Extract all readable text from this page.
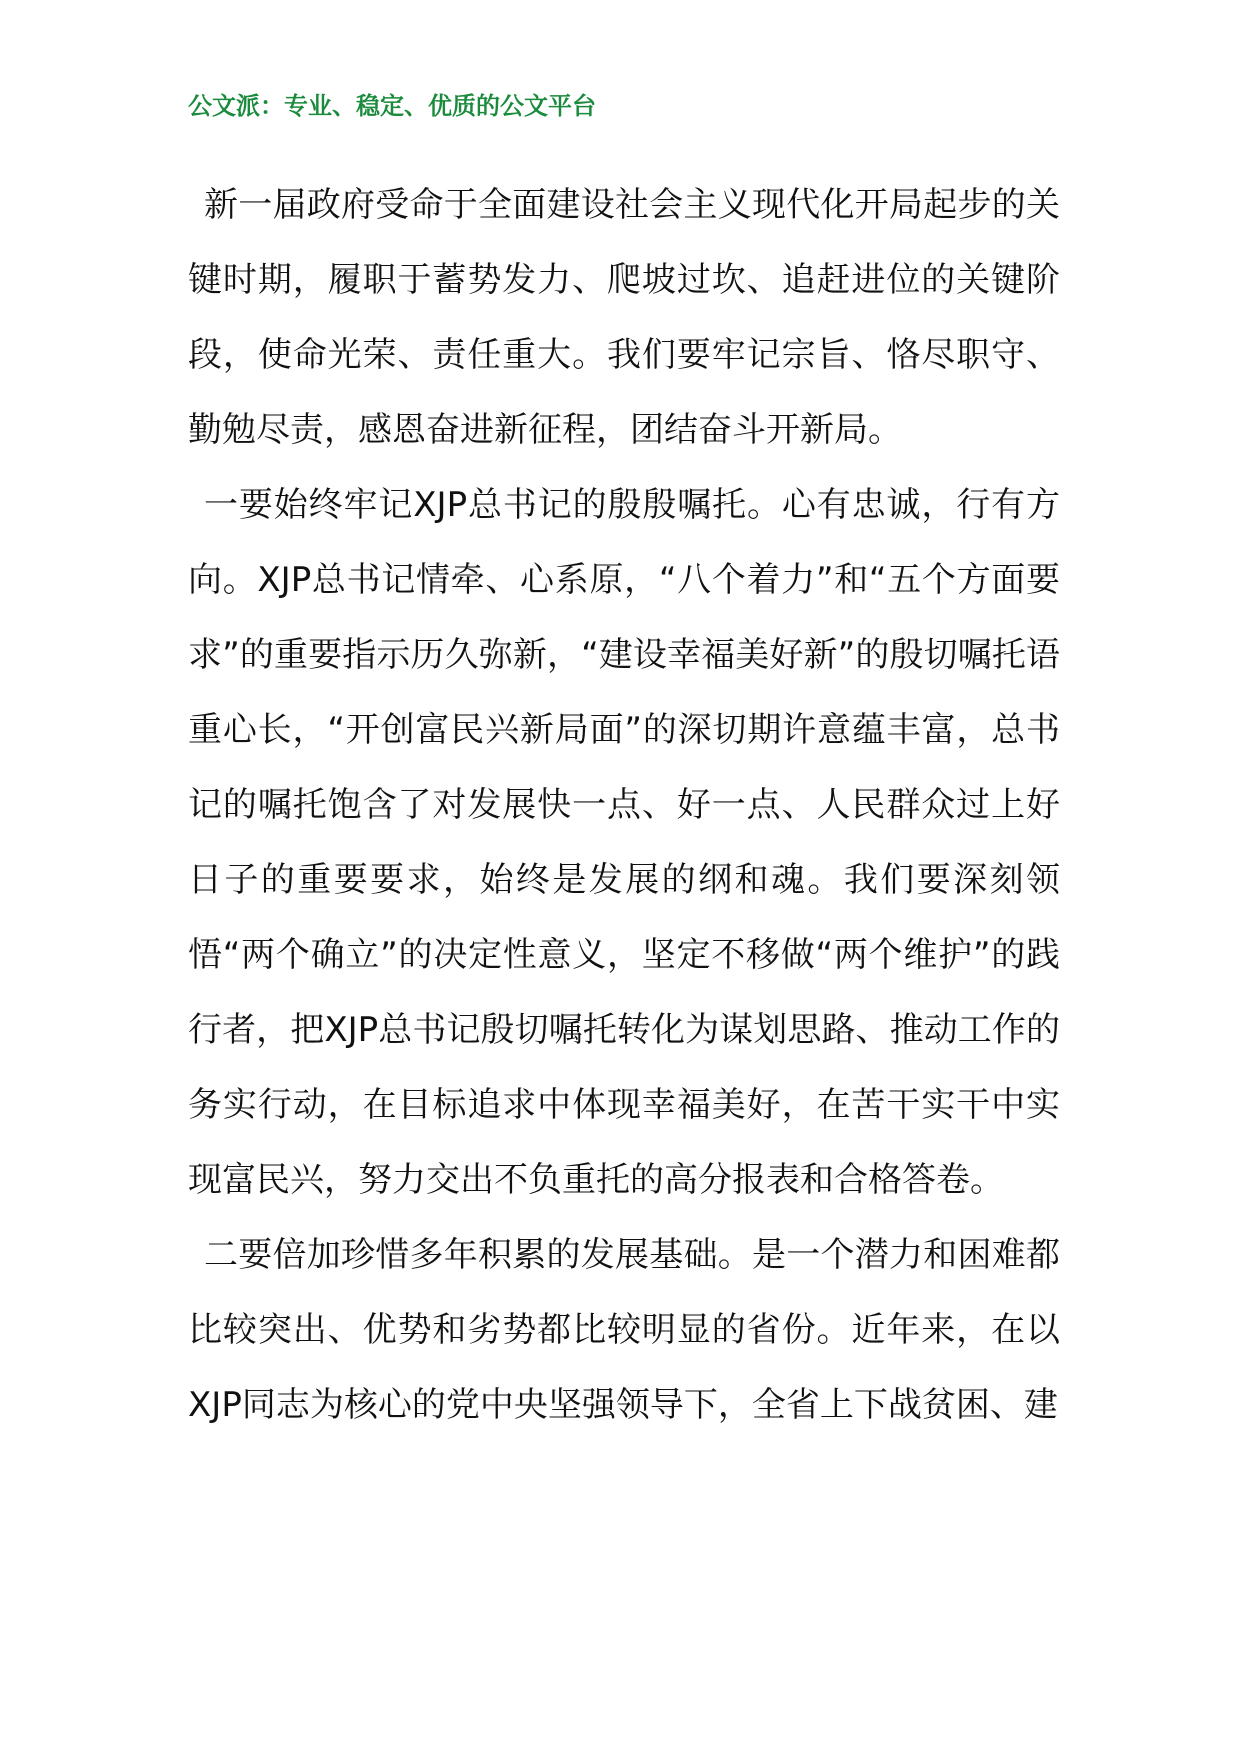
公文派：专业、稳定、优质的公文平台

新一届政府受命于全面建设社会主义现代化开局起步的关键时期，履职于蓄势发力、爬坡过坎、追赶进位的关键阶段，使命光荣、责任重大。我们要牢记宗旨、恪尽职守、勤勉尽责，感恩奋进新征程，团结奋斗开新局。

一要始终牢记XJP总书记的殷殷嘱托。心有忠诚，行有方向。XJP总书记情牵、心系原，“八个着力”和“五个方面要求”的重要指示历久弥新，“建设幸福美好新”的殷切嘱托语重心长，“开创富民兴新局面”的深切期许意蕴丰富，总书记的嘱托饱含了对发展快一点、好一点、人民群众过上好日子的重要要求，始终是发展的纲和魂。我们要深刻领悟“两个确立”的决定性意义，坚定不移做“两个维护”的践行者，把XJP总书记殷切嘱托转化为谋划思路、推动工作的务实行动，在目标追求中体现幸福美好，在苦干实干中实现富民兴，努力交出不负重托的高分报表和合格答卷。

二要倍加珍惜多年积累的发展基础。是一个潜力和困难都比较突出、优势和劣势都比较明显的省份。近年来，在以XJP同志为核心的党中央坚强领导下，全省上下战贫困、建
